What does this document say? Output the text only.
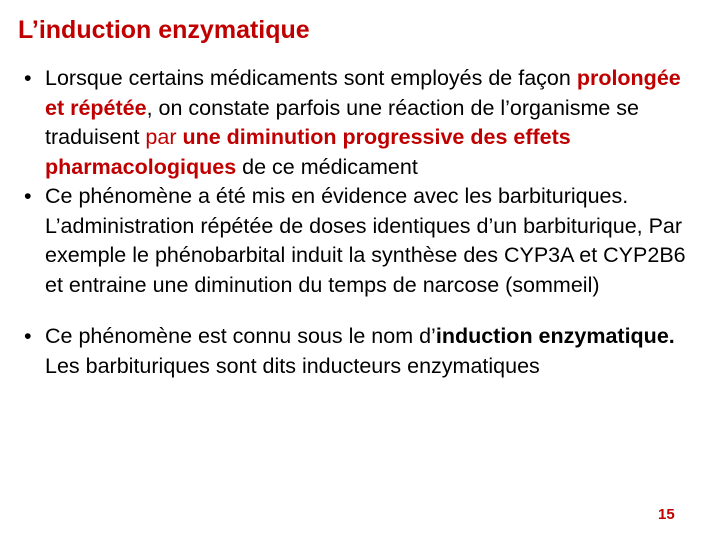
L’induction enzymatique

• Lorsque certains médicaments sont employés de façon prolongée et répétée, on constate parfois une réaction de l’organisme se traduisent par une diminution progressive des effets pharmacologiques de ce médicament

• Ce phénomène a été mis en évidence avec les barbituriques. L’administration répétée de doses identiques d’un barbiturique, Par exemple le phénobarbital induit la synthèse des CYP3A et CYP2B6 et entraine une diminution du temps de narcose (sommeil)

• Ce phénomène est connu sous le nom d’induction enzymatique. Les barbituriques sont dits inducteurs enzymatiques

15
